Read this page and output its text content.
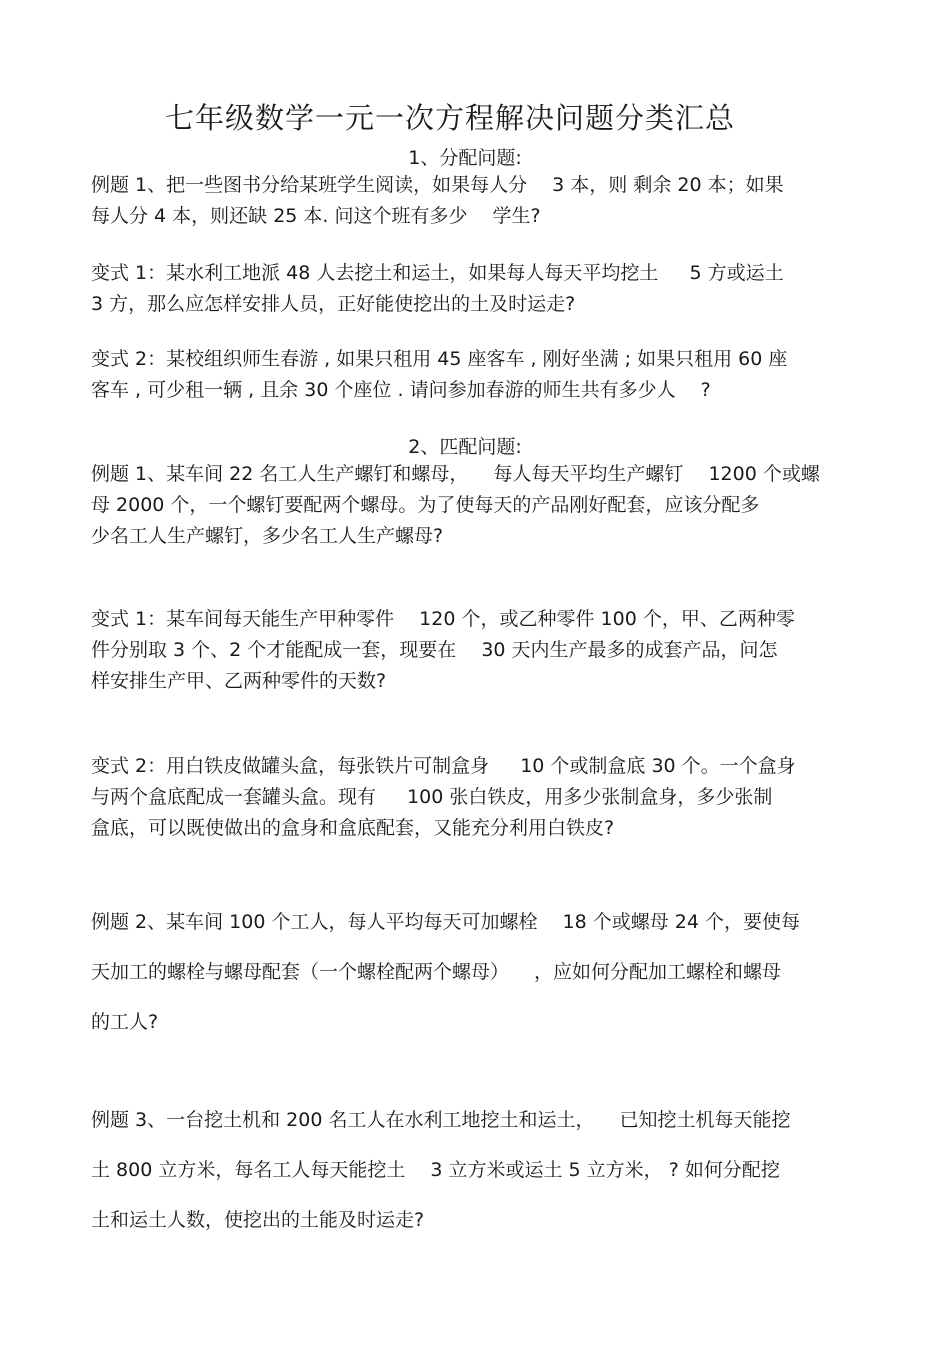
七年级数学一元一次方程解决问题分类汇总
1、分配问题:

例题 1、把一些图书分给某班学生阅读，如果每人分 　3 本，则 剩余 20 本；如果

每人分 4 本，则还缺 25 本. 问这个班有多少 　学生?

变式 1：某水利工地派 48 人去挖土和运土，如果每人每天平均挖土 　 5 方或运土

3 方，那么应怎样安排人员，正好能使挖出的土及时运走?

变式 2：某校组织师生春游 , 如果只租用 45 座客车 , 刚好坐满 ; 如果只租用 60 座

客车 , 可少租一辆 , 且余 30 个座位 . 请问参加春游的师生共有多少人 　?

2、匹配问题:

例题 1、某车间 22 名工人生产螺钉和螺母， 　每人每天平均生产螺钉 　1200 个或螺

母 2000 个，一个螺钉要配两个螺母。为了使每天的产品刚好配套，应该分配多

少名工人生产螺钉，多少名工人生产螺母?

变式 1：某车间每天能生产甲种零件 　120 个，或乙种零件 100 个，甲、乙两种零

件分别取 3 个、2 个才能配成一套，现要在 　30 天内生产最多的成套产品，问怎

样安排生产甲、乙两种零件的天数?

变式 2：用白铁皮做罐头盒，每张铁片可制盒身 　 10 个或制盒底 30 个。一个盒身

与两个盒底配成一套罐头盒。现有 　 100 张白铁皮，用多少张制盒身，多少张制

盒底，可以既使做出的盒身和盒底配套，又能充分利用白铁皮?

例题 2、某车间 100 个工人，每人平均每天可加螺栓 　18 个或螺母 24 个，要使每

天加工的螺栓与螺母配套（一个螺栓配两个螺母） 　，应如何分配加工螺栓和螺母

的工人?

例题 3、一台挖土机和 200 名工人在水利工地挖土和运土， 　已知挖土机每天能挖

土 800 立方米，每名工人每天能挖土 　3 立方米或运土 5 立方米， ? 如何分配挖

土和运土人数，使挖出的土能及时运走?
